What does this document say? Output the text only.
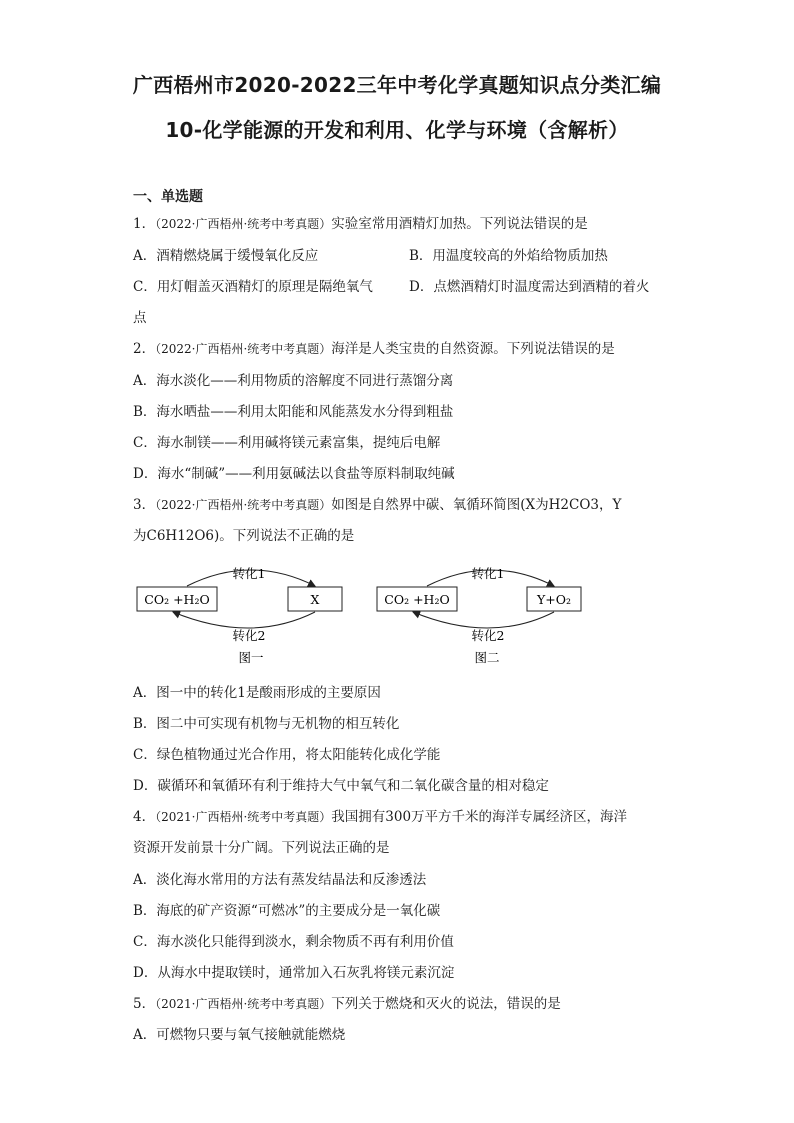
广西梧州市2020-2022三年中考化学真题知识点分类汇编
10-化学能源的开发和利用、化学与环境（含解析）
一、单选题
1．（2022·广西梧州·统考中考真题）实验室常用酒精灯加热。下列说法错误的是
A．酒精燃烧属于缓慢氧化反应	B．用温度较高的外焰给物质加热
C．用灯帽盖灭酒精灯的原理是隔绝氧气	D．点燃酒精灯时温度需达到酒精的着火
点
2．（2022·广西梧州·统考中考真题）海洋是人类宝贵的自然资源。下列说法错误的是
A．海水淡化——利用物质的溶解度不同进行蒸馏分离
B．海水晒盐——利用太阳能和风能蒸发水分得到粗盐
C．海水制镁——利用碱将镁元素富集，提纯后电解
D．海水“制碱”——利用氨碱法以食盐等原料制取纯碱
3．（2022·广西梧州·统考中考真题）如图是自然界中碳、氧循环简图(X为H2CO3，Y
为C6H12O6)。下列说法不正确的是
CO₂ +H₂O	X
转化1
转化2
图一
CO₂ +H₂O	Y+O₂
转化1
转化2
图二
A．图一中的转化1是酸雨形成的主要原因
B．图二中可实现有机物与无机物的相互转化
C．绿色植物通过光合作用，将太阳能转化成化学能
D．碳循环和氧循环有利于维持大气中氧气和二氧化碳含量的相对稳定
4．（2021·广西梧州·统考中考真题）我国拥有300万平方千米的海洋专属经济区，海洋
资源开发前景十分广阔。下列说法正确的是
A．淡化海水常用的方法有蒸发结晶法和反渗透法
B．海底的矿产资源“可燃冰”的主要成分是一氧化碳
C．海水淡化只能得到淡水，剩余物质不再有利用价值
D．从海水中提取镁时，通常加入石灰乳将镁元素沉淀
5．（2021·广西梧州·统考中考真题）下列关于燃烧和灭火的说法，错误的是
A．可燃物只要与氧气接触就能燃烧
